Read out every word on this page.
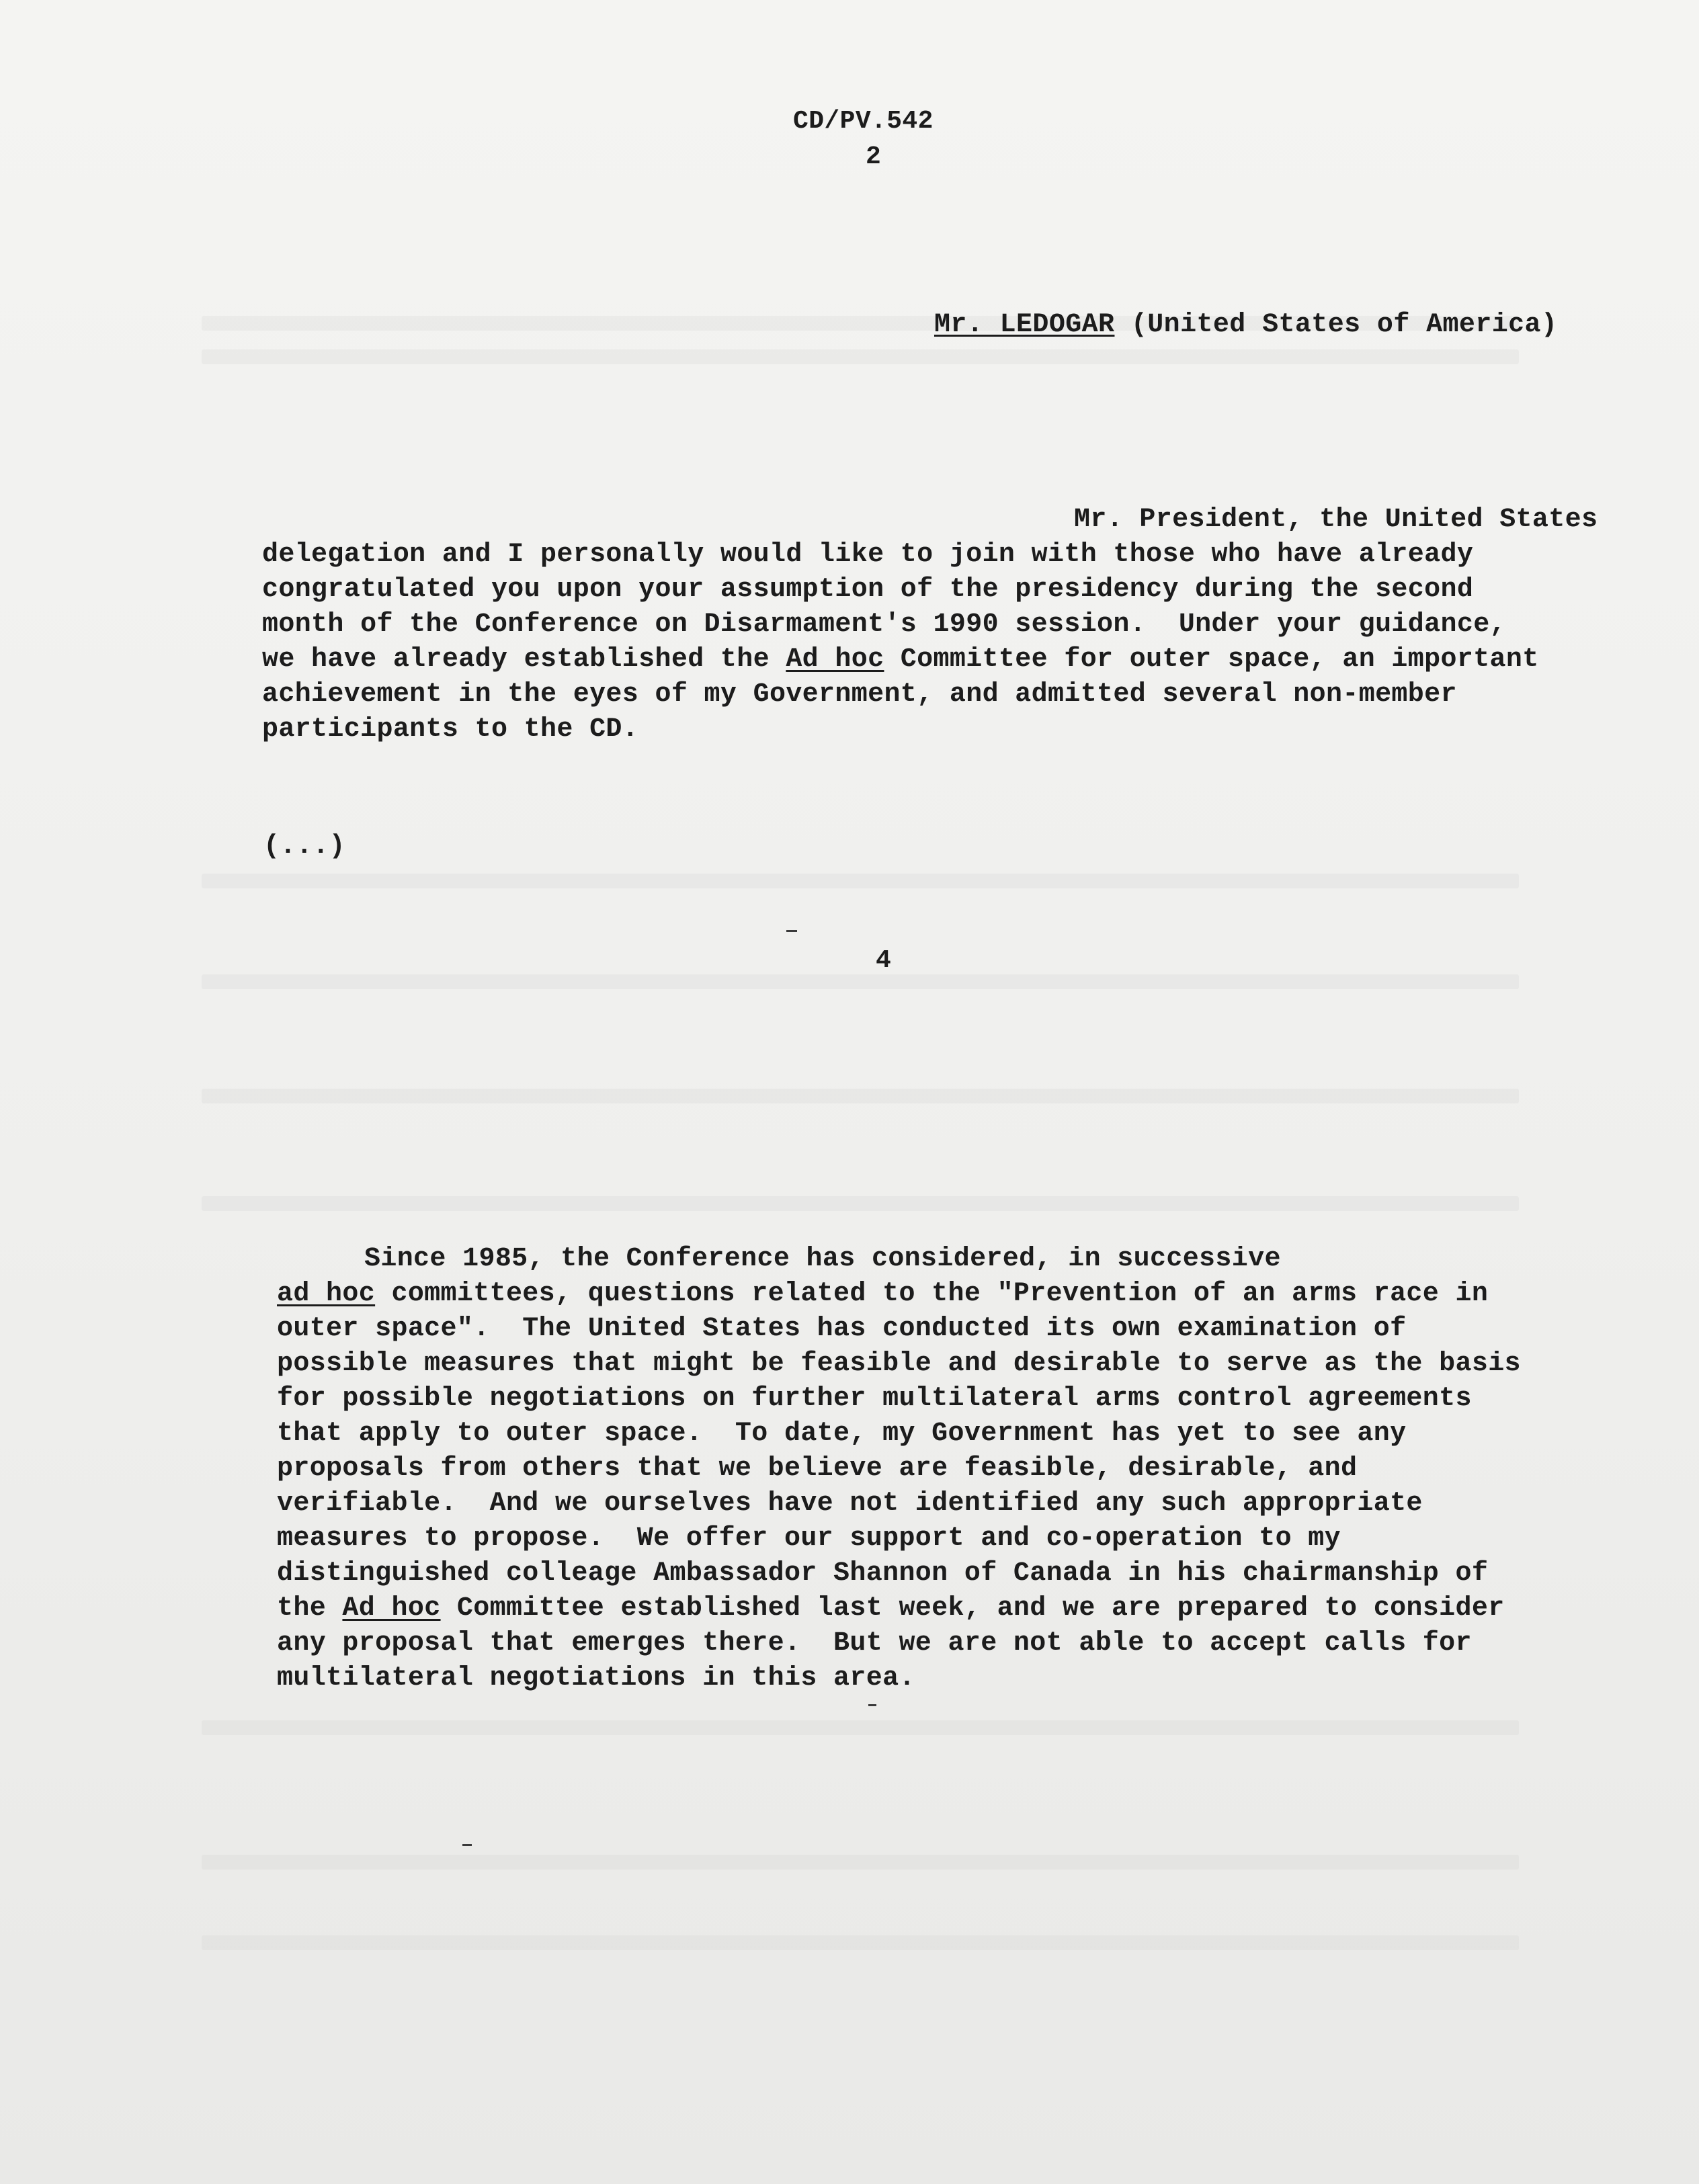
CD/PV.542
2
Mr. LEDOGAR (United States of America)
Mr. President, the United States
delegation and I personally would like to join with those who have already
congratulated you upon your assumption of the presidency during the second
month of the Conference on Disarmament's 1990 session.  Under your guidance,
we have already established the Ad hoc Committee for outer space, an important
achievement in the eyes of my Government, and admitted several non-member
participants to the CD.
(...)
4
Since 1985, the Conference has considered, in successive
ad hoc committees, questions related to the "Prevention of an arms race in
outer space".  The United States has conducted its own examination of
possible measures that might be feasible and desirable to serve as the basis
for possible negotiations on further multilateral arms control agreements
that apply to outer space.  To date, my Government has yet to see any
proposals from others that we believe are feasible, desirable, and
verifiable.  And we ourselves have not identified any such appropriate
measures to propose.  We offer our support and co-operation to my
distinguished colleage Ambassador Shannon of Canada in his chairmanship of
the Ad hoc Committee established last week, and we are prepared to consider
any proposal that emerges there.  But we are not able to accept calls for
multilateral negotiations in this area.
